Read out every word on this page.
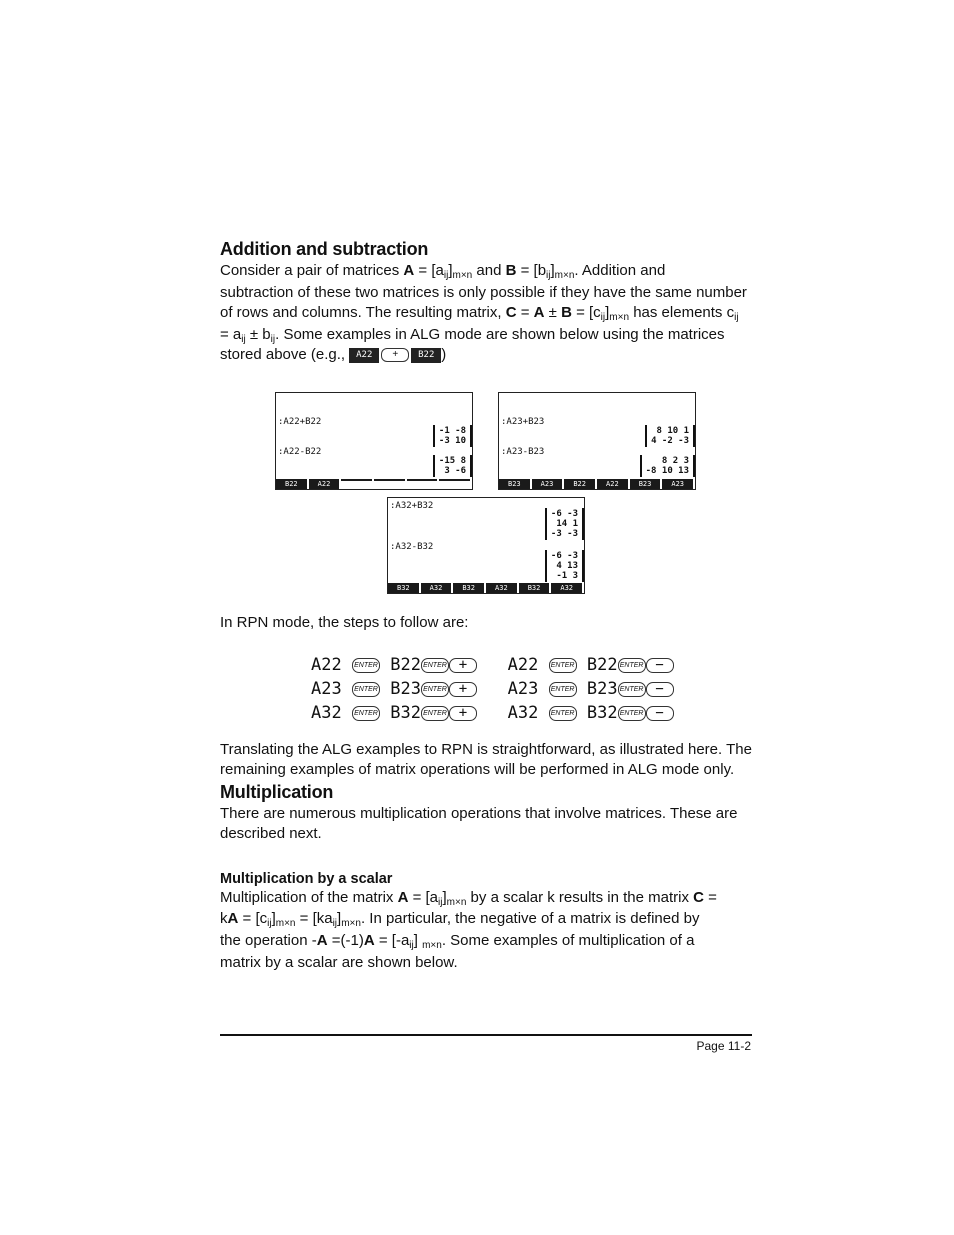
Addition and subtraction
Consider a pair of matrices $A = [a_{ij}]_{m\times n}$ and $B = [b_{ij}]_{m\times n}$. Addition and
subtraction of these two matrices is only possible if they have the same number
of rows and columns. The resulting matrix, $C = A \pm B = [c_{ij}]_{m\times n}$ has elements $c_{ij}$
= $a_{ij} \pm b_{ij}$. Some examples in ALG mode are shown below using the matrices
stored above (e.g., A22 + B22 )
:A22+B22
-1 -8
-3 10
:A22-B22
-15 8
3 -6
B22	A22
:A23+B23
8 10 1
4 -2 -3
:A23-B23
8 2 3
-8 10 13
B23	A23	B22	A22	B23	A23
:A32+B32
-6 -3
14 1
-3 -3
:A32-B32
-6 -3
4 13
-1 3
B32	A32	B32	A32	B32	A32
In RPN mode, the steps to follow are:
A22 ENTER B22 ENTER + A22 ENTER B22 ENTER −
A23 ENTER B23 ENTER + A23 ENTER B23 ENTER −
A32 ENTER B32 ENTER + A32 ENTER B32 ENTER −
Translating the ALG examples to RPN is straightforward, as illustrated here. The
remaining examples of matrix operations will be performed in ALG mode only.
Multiplication
There are numerous multiplication operations that involve matrices. These are
described next.
Multiplication by a scalar
Multiplication of the matrix $A = [a_{ij}]_{m\times n}$ by a scalar k results in the matrix C =
kA = $[c_{ij}]_{m\times n} = [ka_{ij}]_{m\times n}$. In particular, the negative of a matrix is defined by
the operation $-A =(-1)A = [-a_{ij}]$ $_{m\times n}$. Some examples of multiplication of a
matrix by a scalar are shown below.
Page 11-2
